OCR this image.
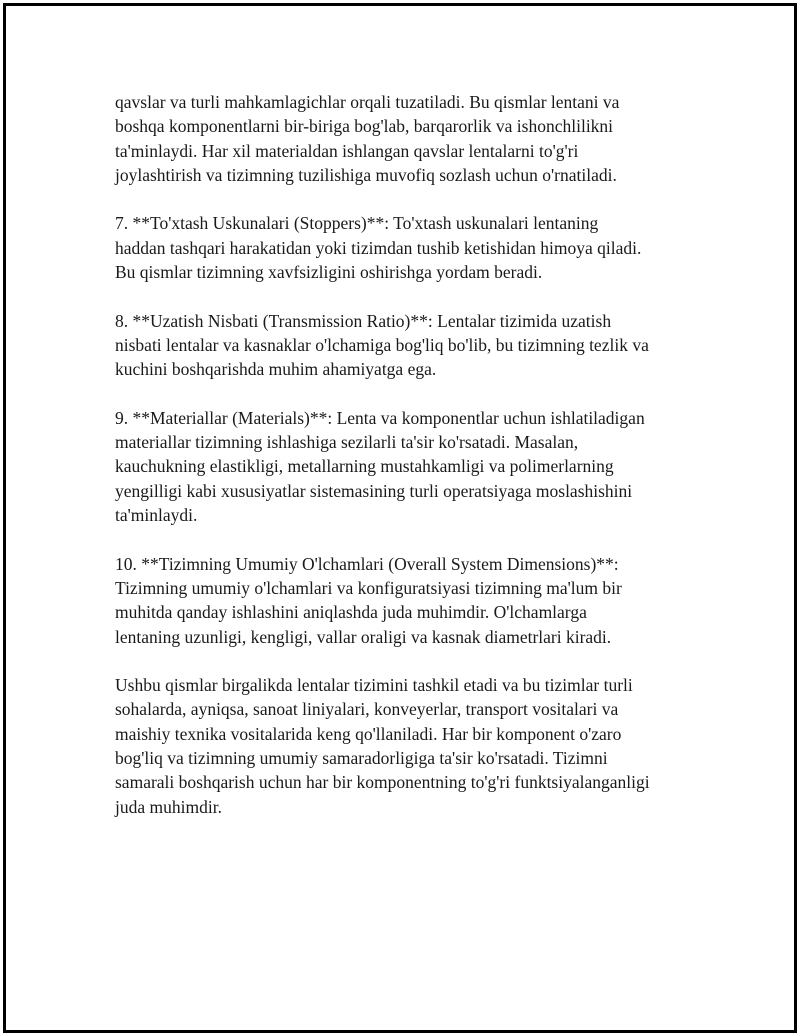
qavslar va turli mahkamlagichlar orqali tuzatiladi. Bu qismlar lentani va
boshqa komponentlarni bir-biriga bog'lab, barqarorlik va ishonchlilikni
ta'minlaydi. Har xil materialdan ishlangan qavslar lentalarni to'g'ri
joylashtirish va tizimning tuzilishiga muvofiq sozlash uchun o'rnatiladi.

7. **To'xtash Uskunalari (Stoppers)**: To'xtash uskunalari lentaning
haddan tashqari harakatidan yoki tizimdan tushib ketishidan himoya qiladi.
Bu qismlar tizimning xavfsizligini oshirishga yordam beradi.

8. **Uzatish Nisbati (Transmission Ratio)**: Lentalar tizimida uzatish
nisbati lentalar va kasnaklar o'lchamiga bog'liq bo'lib, bu tizimning tezlik va
kuchini boshqarishda muhim ahamiyatga ega.

9. **Materiallar (Materials)**: Lenta va komponentlar uchun ishlatiladigan
materiallar tizimning ishlashiga sezilarli ta'sir ko'rsatadi. Masalan,
kauchukning elastikligi, metallarning mustahkamligi va polimerlarning
yengilligi kabi xususiyatlar sistemasining turli operatsiyaga moslashishini
ta'minlaydi.

10. **Tizimning Umumiy O'lchamlari (Overall System Dimensions)**:
Tizimning umumiy o'lchamlari va konfiguratsiyasi tizimning ma'lum bir
muhitda qanday ishlashini aniqlashda juda muhimdir. O'lchamlarga
lentaning uzunligi, kengligi, vallar oraligi va kasnak diametrlari kiradi.

Ushbu qismlar birgalikda lentalar tizimini tashkil etadi va bu tizimlar turli
sohalarda, ayniqsa, sanoat liniyalari, konveyerlar, transport vositalari va
maishiy texnika vositalarida keng qo'llaniladi. Har bir komponent o'zaro
bog'liq va tizimning umumiy samaradorligiga ta'sir ko'rsatadi. Tizimni
samarali boshqarish uchun har bir komponentning to'g'ri funktsiyalanganligi
juda muhimdir.
